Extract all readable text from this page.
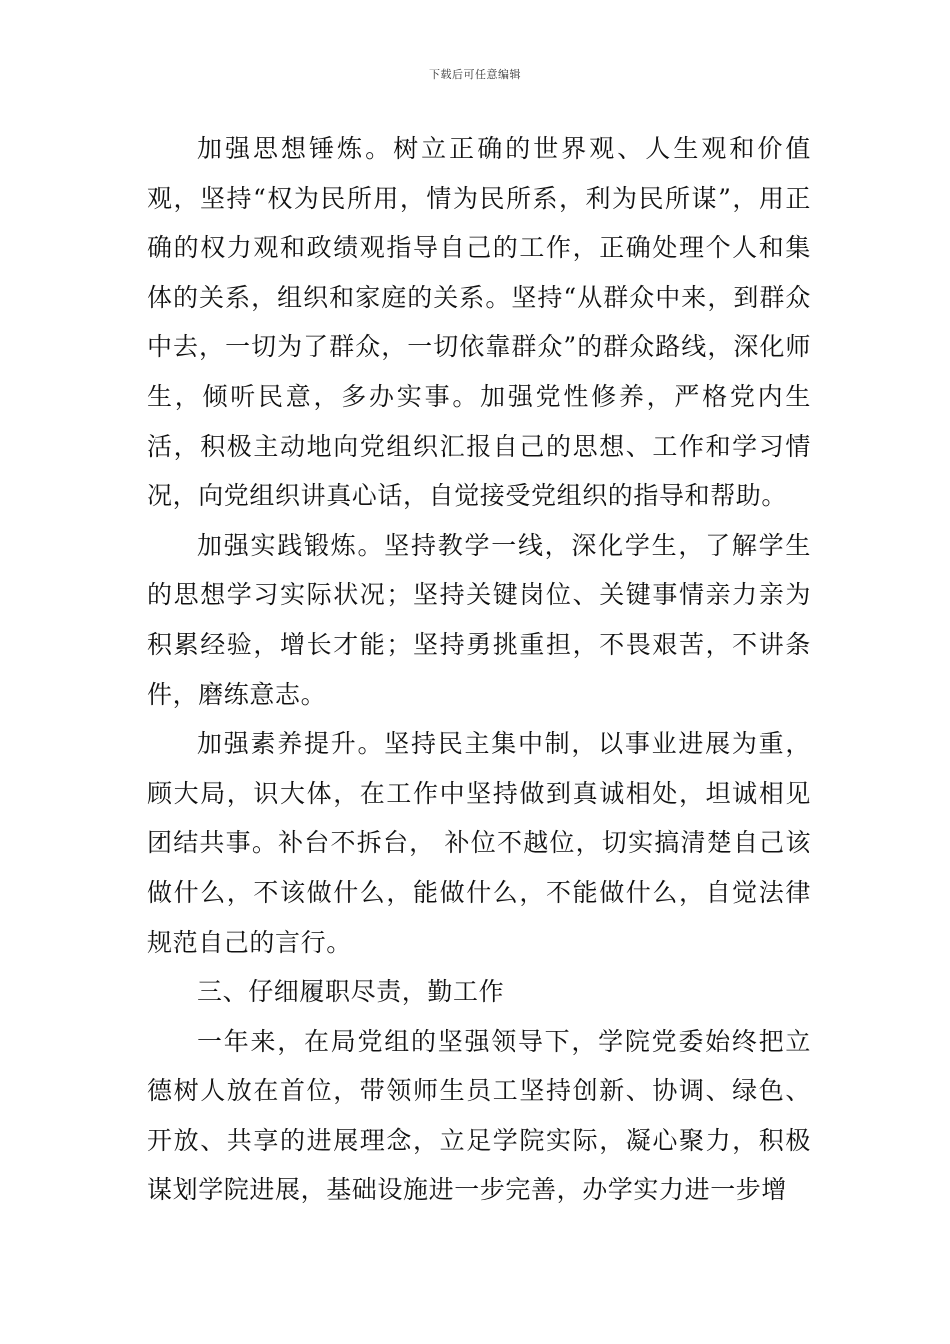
下载后可任意编辑

加强思想锤炼。树立正确的世界观、人生观和价值观，坚持“权为民所用，情为民所系，利为民所谋”，用正确的权力观和政绩观指导自己的工作，正确处理个人和集体的关系，组织和家庭的关系。坚持“从群众中来，到群众中去，一切为了群众，一切依靠群众”的群众路线，深化师生，倾听民意，多办实事。加强党性修养，严格党内生活，积极主动地向党组织汇报自己的思想、工作和学习情况，向党组织讲真心话，自觉接受党组织的指导和帮助。

加强实践锻炼。坚持教学一线，深化学生，了解学生的思想学习实际状况；坚持关键岗位、关键事情亲力亲为积累经验，增长才能；坚持勇挑重担，不畏艰苦，不讲条件，磨练意志。

加强素养提升。坚持民主集中制，以事业进展为重，顾大局，识大体，在工作中坚持做到真诚相处，坦诚相见团结共事。补台不拆台， 补位不越位，切实搞清楚自己该做什么，不该做什么，能做什么，不能做什么，自觉法律规范自己的言行。

三、仔细履职尽责，勤工作

一年来，在局党组的坚强领导下，学院党委始终把立德树人放在首位，带领师生员工坚持创新、协调、绿色、开放、共享的进展理念，立足学院实际，凝心聚力，积极谋划学院进展，基础设施进一步完善，办学实力进一步增
